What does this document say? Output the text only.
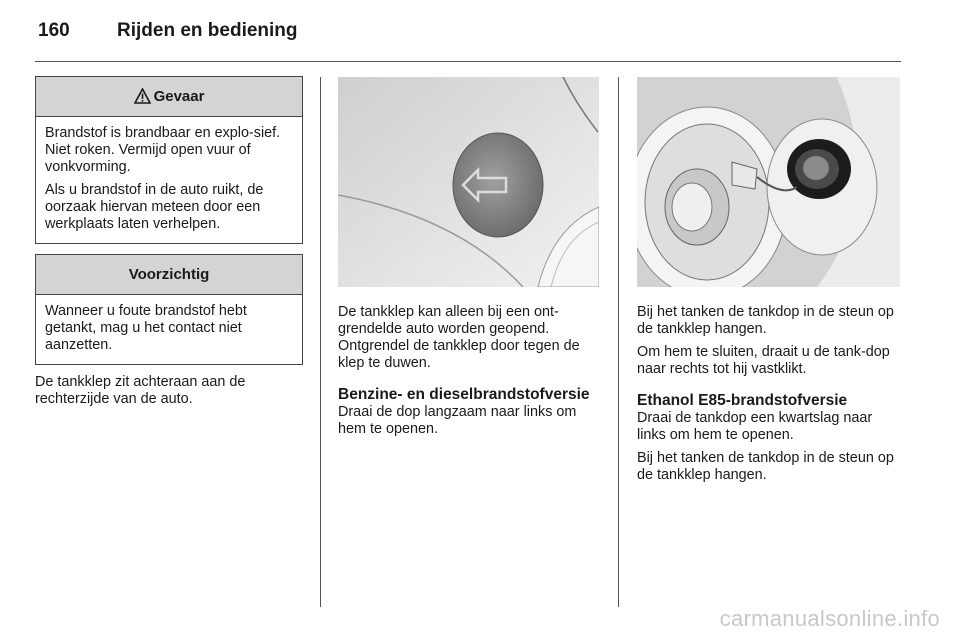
160 Rijden en bediening
Gevaar

Brandstof is brandbaar en explo-sief. Niet roken. Vermijd open vuur of vonkvorming.

Als u brandstof in de auto ruikt, de oorzaak hiervan meteen door een werkplaats laten verhelpen.

Voorzichtig

Wanneer u foute brandstof hebt getankt, mag u het contact niet aanzetten.

De tankklep zit achteraan aan de rechterzijde van de auto.

De tankklep kan alleen bij een ont-grendelde auto worden geopend. Ontgrendel de tankklep door tegen de klep te duwen.

Benzine- en dieselbrandstofversie

Draai de dop langzaam naar links om hem te openen.

Bij het tanken de tankdop in de steun op de tankklep hangen.

Om hem te sluiten, draait u de tank-dop naar rechts tot hij vastklikt.

Ethanol E85-brandstofversie

Draai de tankdop een kwartslag naar links om hem te openen.

Bij het tanken de tankdop in de steun op de tankklep hangen.

carmanualsonline.info
